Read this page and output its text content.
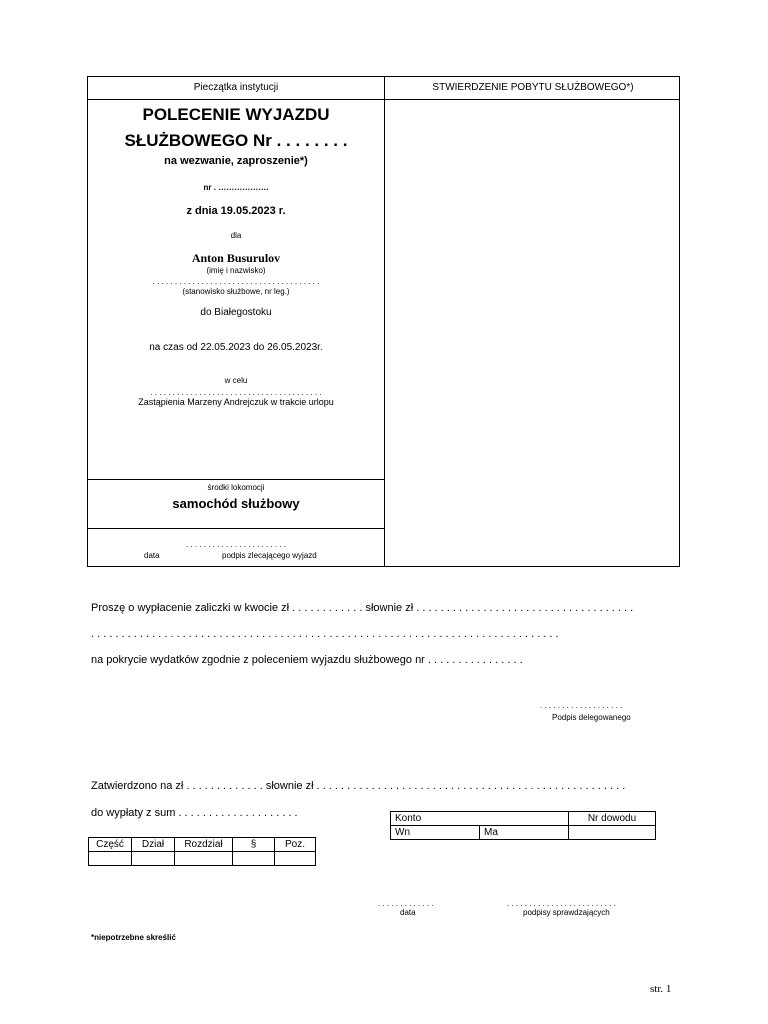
Pieczątka instytucji	STWIERDZENIE POBYTU SŁUŻBOWEGO*)
POLECENIE WYJAZDU
SŁUŻBOWEGO Nr . . . . . . . .
na wezwanie, zaproszenie*)
nr . ……………….
z dnia 19.05.2023 r.
dla
Anton Busurulov
(imię i nazwisko)
. . . . . . . . . . . . . . . . . . . . . . . . . . . . . . . . . . . . . .
(stanowisko służbowe, nr leg.)
do Białegostoku
na czas od 22.05.2023 do 26.05.2023r.
w celu
. . . . . . . . . . . . . . . . . . . . . . . . . . . . . . . . . . . . . . .
Zastąpienia Marzeny Andrejczuk w trakcie urlopu
środki lokomocji
samochód służbowy
. . . . . . . . . . . . . . . . . . . . . . .
data	podpis zlecającego wyjazd
Proszę o wypłacenie zaliczki w kwocie zł . . . . . . . . . . . . słownie zł . . . . . . . . . . . . . . . . . . . . . . . . . . . . . . . . . . . .
. . . . . . . . . . . . . . . . . . . . . . . . . . . . . . . . . . . . . . . . . . . . . . . . . . . . . . . . . . . . . . . . . . . . . . . . . . . . .
na pokrycie wydatków zgodnie z poleceniem wyjazdu służbowego nr . . . . . . . . . . . . . . . .
. . . . . . . . . . . . . . . . . . .
Podpis delegowanego
Zatwierdzono na zł . . . . . . . . . . . . . słownie zł . . . . . . . . . . . . . . . . . . . . . . . . . . . . . . . . . . . . . . . . . . . . . . . . . . .
do wypłaty z sum . . . . . . . . . . . . . . . . . . . .
Część	Dział	Rozdział	§	Poz.

Konto		Nr dowodu
Wn	Ma	
. . . . . . . . . . . . .
data
. . . . . . . . . . . . . . . . . . . . . . . . .
podpisy sprawdzających
*niepotrzebne skreślić
str. 1
